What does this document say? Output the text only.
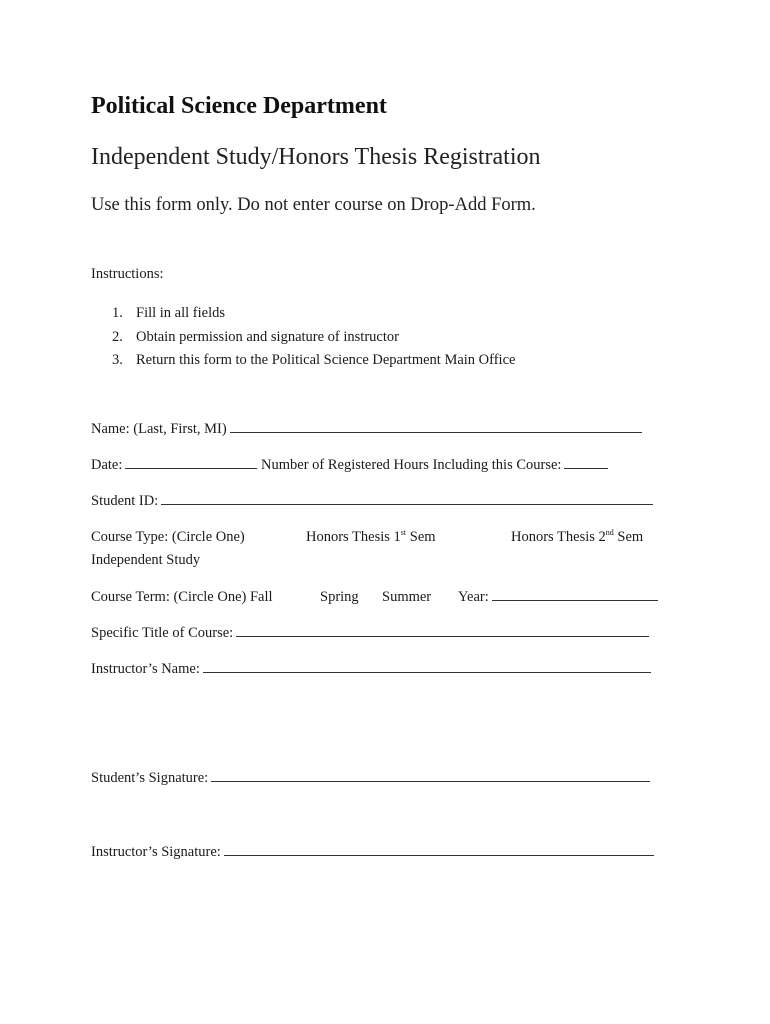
Political Science Department
Independent Study/Honors Thesis Registration
Use this form only. Do not enter course on Drop-Add Form.
Instructions:
1. Fill in all fields
2. Obtain permission and signature of instructor
3. Return this form to the Political Science Department Main Office
Name: (Last, First, MI)
Date:	Number of Registered Hours Including this Course:
Student ID:
Course Type: (Circle One)	Honors Thesis 1st Sem	Honors Thesis 2nd Sem
Independent Study
Course Term: (Circle One) Fall	Spring Summer Year:
Specific Title of Course:
Instructor’s Name:
Student’s Signature:
Instructor’s Signature:
